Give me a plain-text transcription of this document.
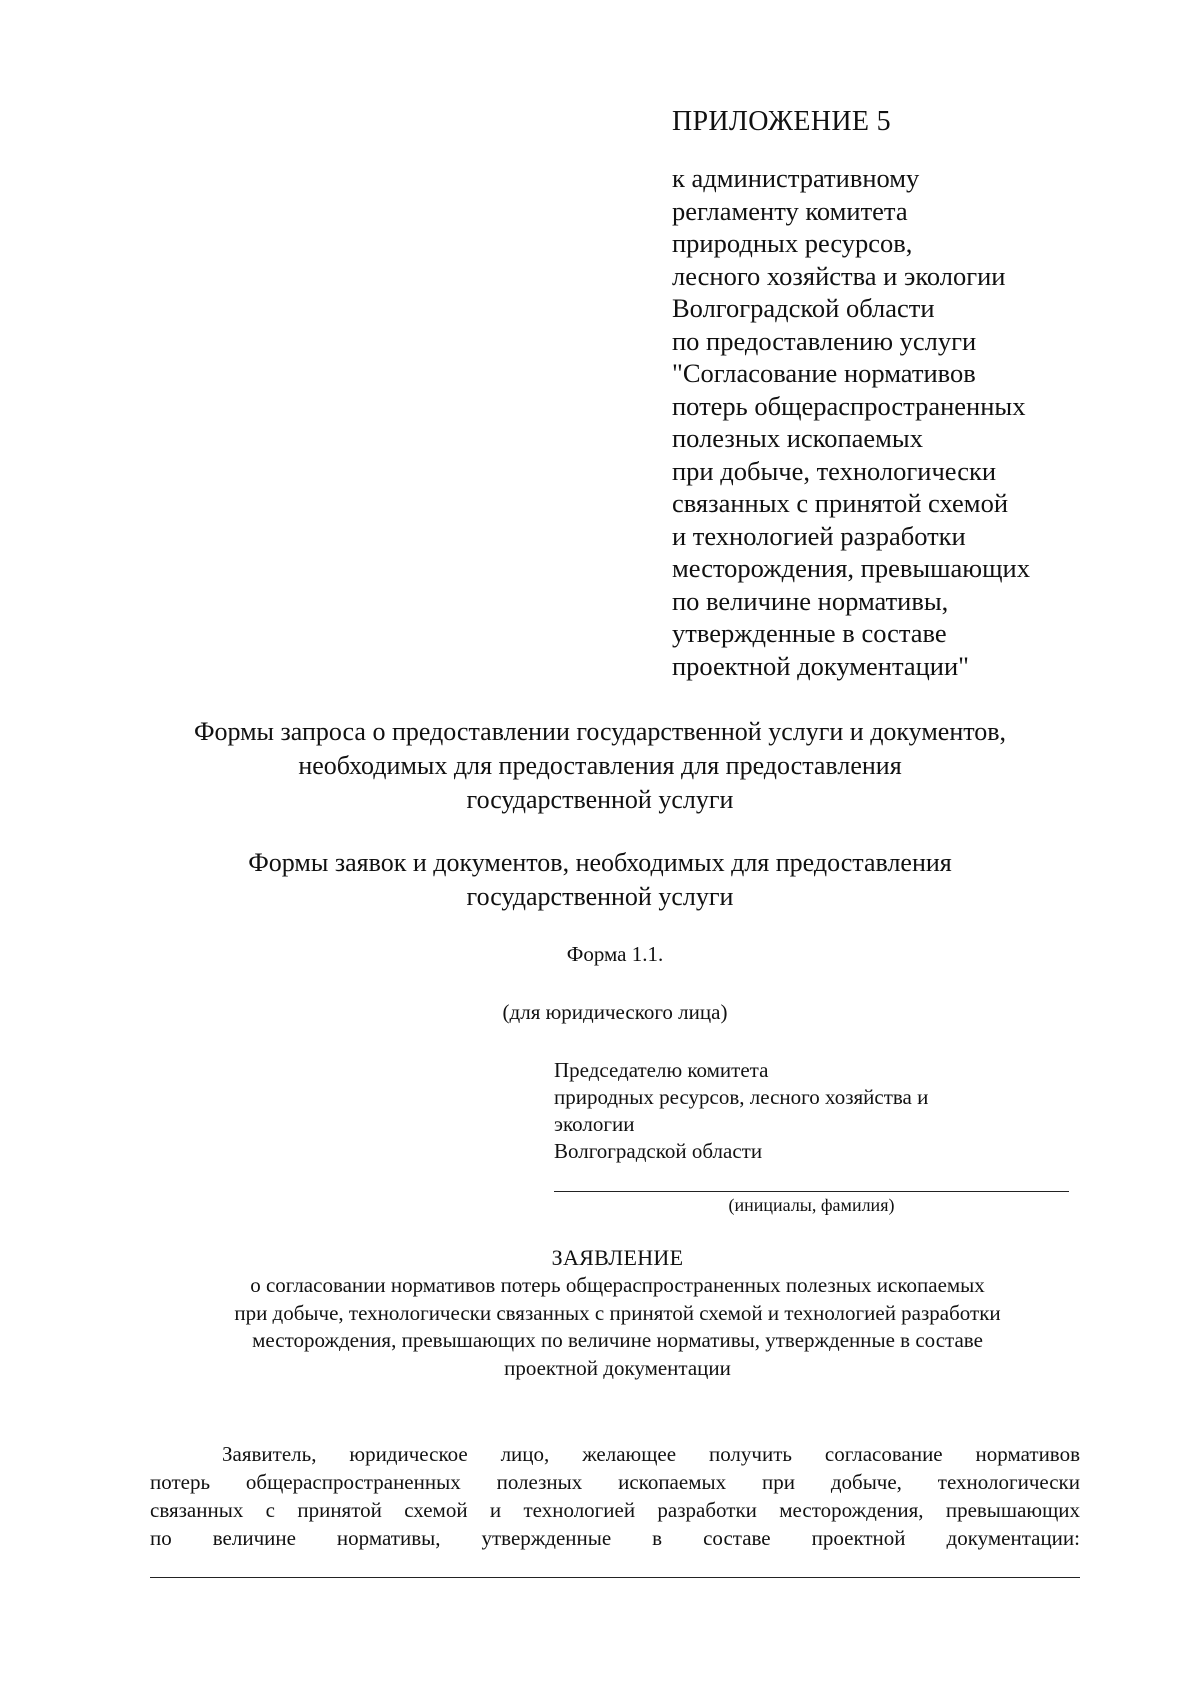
ПРИЛОЖЕНИЕ 5
к административному
регламенту комитета
природных ресурсов,
лесного хозяйства и экологии
Волгоградской области
по предоставлению услуги
"Согласование нормативов
потерь общераспространенных
полезных ископаемых
при добыче, технологически
связанных с принятой схемой
и технологией разработки
месторождения, превышающих
по величине нормативы,
утвержденные в составе
проектной документации"
Формы запроса о предоставлении государственной услуги и документов,
необходимых для предоставления для предоставления
государственной услуги
Формы заявок и документов, необходимых для предоставления
государственной услуги
Форма 1.1.
(для юридического лица)
Председателю комитета
природных ресурсов, лесного хозяйства и
экологии
Волгоградской области
(инициалы, фамилия)
ЗАЯВЛЕНИЕ
о согласовании нормативов потерь общераспространенных полезных ископаемых
при добыче, технологически связанных с принятой схемой и технологией разработки
месторождения, превышающих по величине нормативы, утвержденные в составе
проектной документации
Заявитель, юридическое лицо, желающее получить согласование нормативов
потерь общераспространенных полезных ископаемых при добыче, технологически
связанных с принятой схемой и технологией разработки месторождения, превышающих
по величине нормативы, утвержденные в составе проектной документации:
